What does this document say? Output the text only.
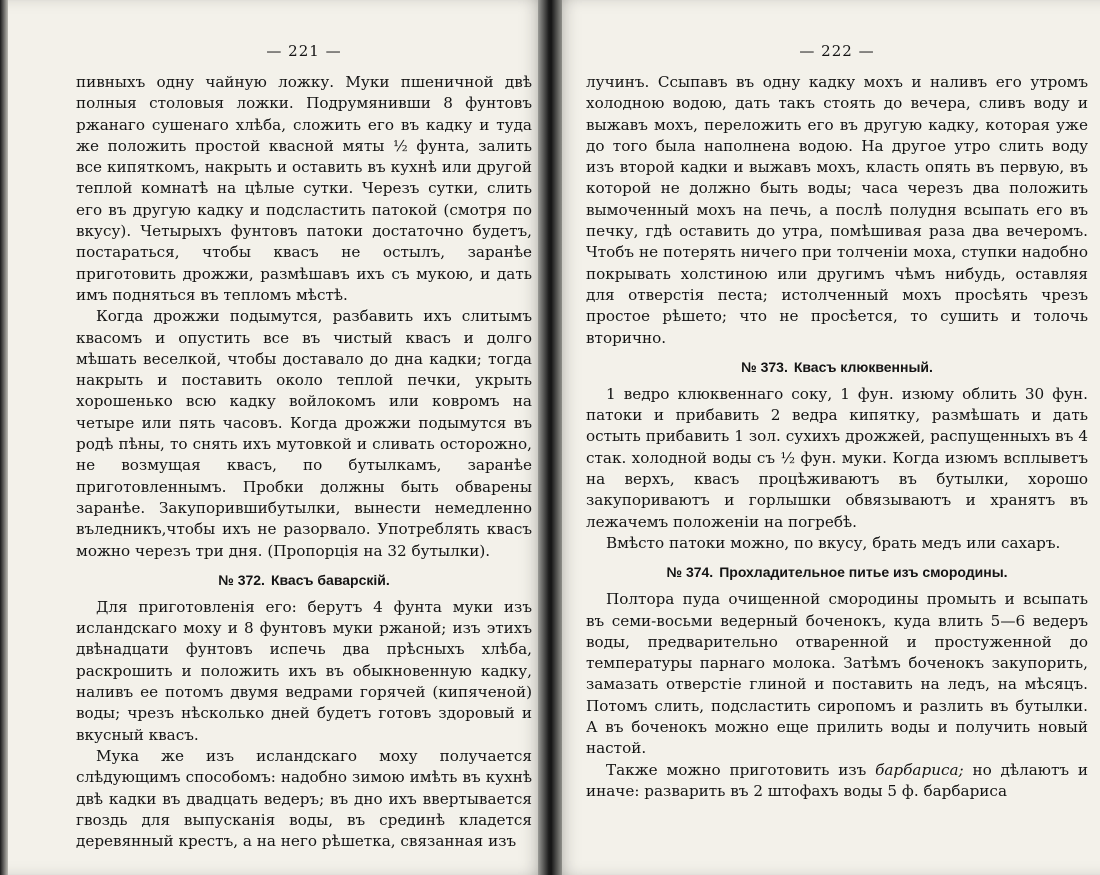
— 221 —

пивныхъ одну чайную ложку. Муки пшеничной двѣ полныя столовыя ложки. Подрумянивши 8 фунтовъ ржанаго сушенаго хлѣба, сложить его въ кадку и туда же положить простой квасной мяты ½ фунта, залить все кипяткомъ, накрыть и оставить въ кухнѣ или другой теплой комнатѣ на цѣлые сутки. Черезъ сутки, слить его въ другую кадку и подсластить патокой (смотря по вкусу). Четырыхъ фунтовъ патоки достаточно будетъ, постараться, чтобы квасъ не остылъ, заранѣе приготовить дрожжи, размѣшавъ ихъ съ мукою, и дать имъ подняться въ тепломъ мѣстѣ.

Когда дрожжи подымутся, разбавить ихъ слитымъ квасомъ и опустить все въ чистый квасъ и долго мѣшать веселкой, чтобы доставало до дна кадки; тогда накрыть и поставить около теплой печки, укрыть хорошенько всю кадку войлокомъ или ковромъ на четыре или пять часовъ. Когда дрожжи подымутся въ родѣ пѣны, то снять ихъ мутовкой и сливать осторожно, не возмущая квасъ, по бутылкамъ, заранѣе приготовленнымъ. Пробки должны быть обварены заранѣе. Закупорившибутылки, вынести немедленно въледникъ,чтобы ихъ не разорвало. Употреблять квасъ можно черезъ три дня. (Пропорція на 32 бутылки).

№ 372. Квасъ баварскій.

Для приготовленія его: берутъ 4 фунта муки изъ исландскаго моху и 8 фунтовъ муки ржаной; изъ этихъ двѣнадцати фунтовъ испечь два прѣсныхъ хлѣба, раскрошить и положить ихъ въ обыкновенную кадку, наливъ ее потомъ двумя ведрами горячей (кипяченой) воды; чрезъ нѣсколько дней будетъ готовъ здоровый и вкусный квасъ.

Мука же изъ исландскаго моху получается слѣдующимъ способомъ: надобно зимою имѣть въ кухнѣ двѣ кадки въ двадцать ведеръ; въ дно ихъ ввертывается гвоздь для выпусканія воды, въ срединѣ кладется деревянный крестъ, а на него рѣшетка, связанная изъ

— 222 —

лучинъ. Ссыпавъ въ одну кадку мохъ и наливъ его утромъ холодною водою, дать такъ стоять до вечера, сливъ воду и выжавъ мохъ, переложить его въ другую кадку, которая уже до того была наполнена водою. На другое утро слить воду изъ второй кадки и выжавъ мохъ, класть опять въ первую, въ которой не должно быть воды; часа черезъ два положить вымоченный мохъ на печь, а послѣ полудня всыпать его въ печку, гдѣ оставить до утра, помѣшивая раза два вечеромъ. Чтобъ не потерять ничего при толченіи моха, ступки надобно покрывать холстиною или другимъ чѣмъ нибудь, оставляя для отверстія песта; истолченный мохъ просѣять чрезъ простое рѣшето; что не просѣется, то сушить и толочь вторично.

№ 373. Квасъ клюквенный.

1 ведро клюквеннаго соку, 1 фун. изюму облить 30 фун. патоки и прибавить 2 ведра кипятку, размѣшать и дать остыть прибавить 1 зол. сухихъ дрожжей, распущенныхъ въ 4 стак. холодной воды съ ½ фун. муки. Когда изюмъ всплыветъ на верхъ, квасъ процѣживаютъ въ бутылки, хорошо закупориваютъ и горлышки обвязываютъ и хранятъ въ лежачемъ положеніи на погребѣ.

Вмѣсто патоки можно, по вкусу, брать медъ или сахаръ.

№ 374. Прохладительное питье изъ смородины.

Полтора пуда очищенной смородины промыть и всыпать въ семи-восьми ведерный боченокъ, куда влить 5—6 ведеръ воды, предварительно отваренной и простуженной до температуры парнаго молока. Затѣмъ боченокъ закупорить, замазать отверстіе глиной и поставить на ледъ, на мѣсяцъ. Потомъ слить, подсластить сиропомъ и разлить въ бутылки. А въ боченокъ можно еще прилить воды и получить новый настой.

Также можно приготовить изъ барбариса; но дѣлаютъ и иначе: разварить въ 2 штофахъ воды 5 ф. барбариса
